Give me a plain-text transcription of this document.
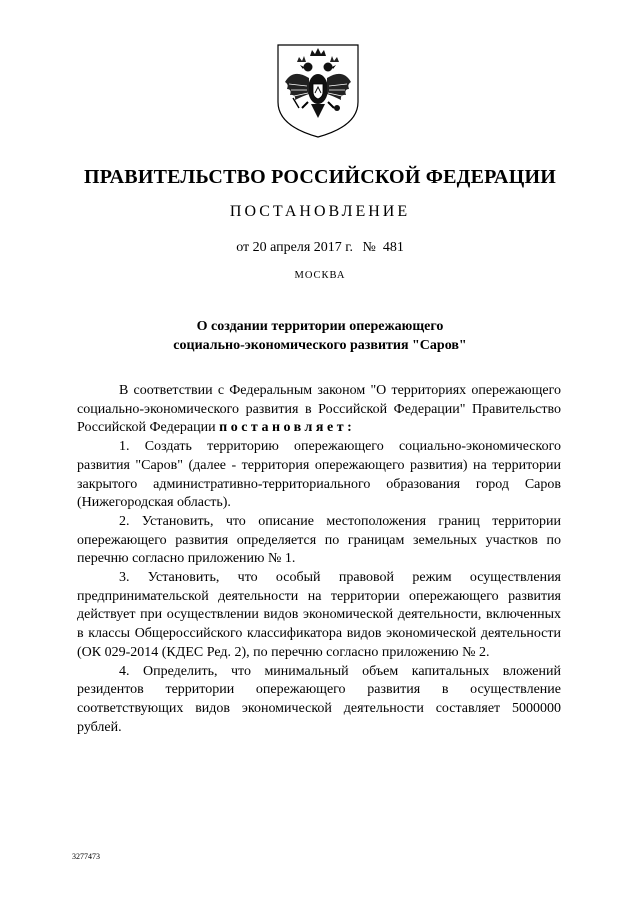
ПРАВИТЕЛЬСТВО РОССИЙСКОЙ ФЕДЕРАЦИИ
ПОСТАНОВЛЕНИЕ
от 20 апреля 2017 г. № 481
МОСКВА
О создании территории опережающего
социально-экономического развития "Саров"

В соответствии с Федеральным законом "О территориях опережающего социально-экономического развития в Российской Федерации" Правительство Российской Федерации постановляет:

1. Создать территорию опережающего социально-экономического развития "Саров" (далее - территория опережающего развития) на территории закрытого административно-территориального образования город Саров (Нижегородская область).

2. Установить, что описание местоположения границ территории опережающего развития определяется по границам земельных участков по перечню согласно приложению № 1.

3. Установить, что особый правовой режим осуществления предпринимательской деятельности на территории опережающего развития действует при осуществлении видов экономической деятельности, включенных в классы Общероссийского классификатора видов экономической деятельности (ОК 029-2014 (КДЕС Ред. 2), по перечню согласно приложению № 2.

4. Определить, что минимальный объем капитальных вложений резидентов территории опережающего развития в осуществление соответствующих видов экономической деятельности составляет 5000000 рублей.

3277473
